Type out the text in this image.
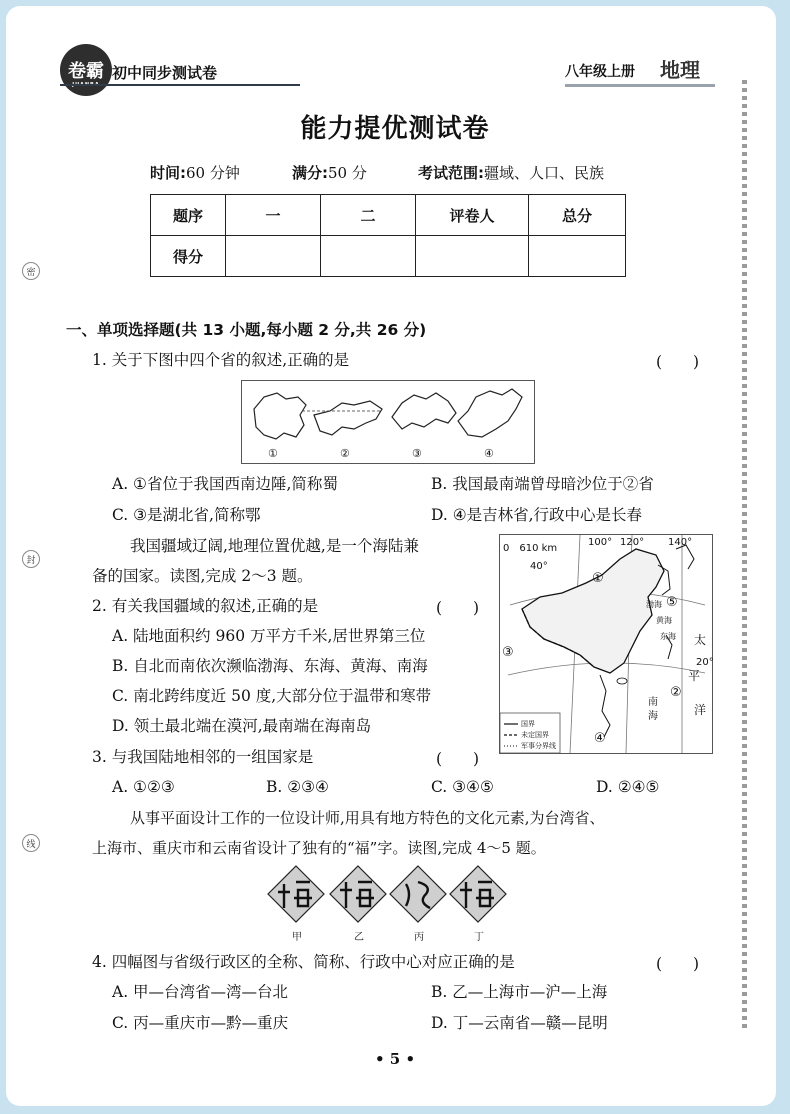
卷霸 初中同步测试卷	八年级上册 地理
密
封
线
能力提优测试卷
时间:60 分钟	满分:50 分	考试范围:疆域、人口、民族
题序	一	二	评卷人	总分
得分				
一、单项选择题(共 13 小题,每小题 2 分,共 26 分)
1. 关于下图中四个省的叙述,正确的是	(　　)
①	②	③	④
A. ①省位于我国西南边陲,简称蜀	B. 我国最南端曾母暗沙位于②省
C. ③是湖北省,简称鄂	D. ④是吉林省,行政中心是长春
我国疆域辽阔,地理位置优越,是一个海陆兼
备的国家。读图,完成 2～3 题。
0　610 km
100° 120° 140°
40°
20°
①
②
③
④
⑤
渤海
黄海
东海
南
海
太
平
洋
国界
未定国界
军事分界线
2. 有关我国疆域的叙述,正确的是	(　　)
A. 陆地面积约 960 万平方千米,居世界第三位
B. 自北而南依次濒临渤海、东海、黄海、南海
C. 南北跨纬度近 50 度,大部分位于温带和寒带
D. 领土最北端在漠河,最南端在海南岛
3. 与我国陆地相邻的一组国家是	(　　)
A. ①②③	B. ②③④	C. ③④⑤	D. ②④⑤
从事平面设计工作的一位设计师,用具有地方特色的文化元素,为台湾省、
上海市、重庆市和云南省设计了独有的“福”字。读图,完成 4～5 题。
甲	乙	丙	丁
4. 四幅图与省级行政区的全称、简称、行政中心对应正确的是	(　　)
A. 甲—台湾省—湾—台北	B. 乙—上海市—沪—上海
C. 丙—重庆市—黔—重庆	D. 丁—云南省—赣—昆明
• 5 •
